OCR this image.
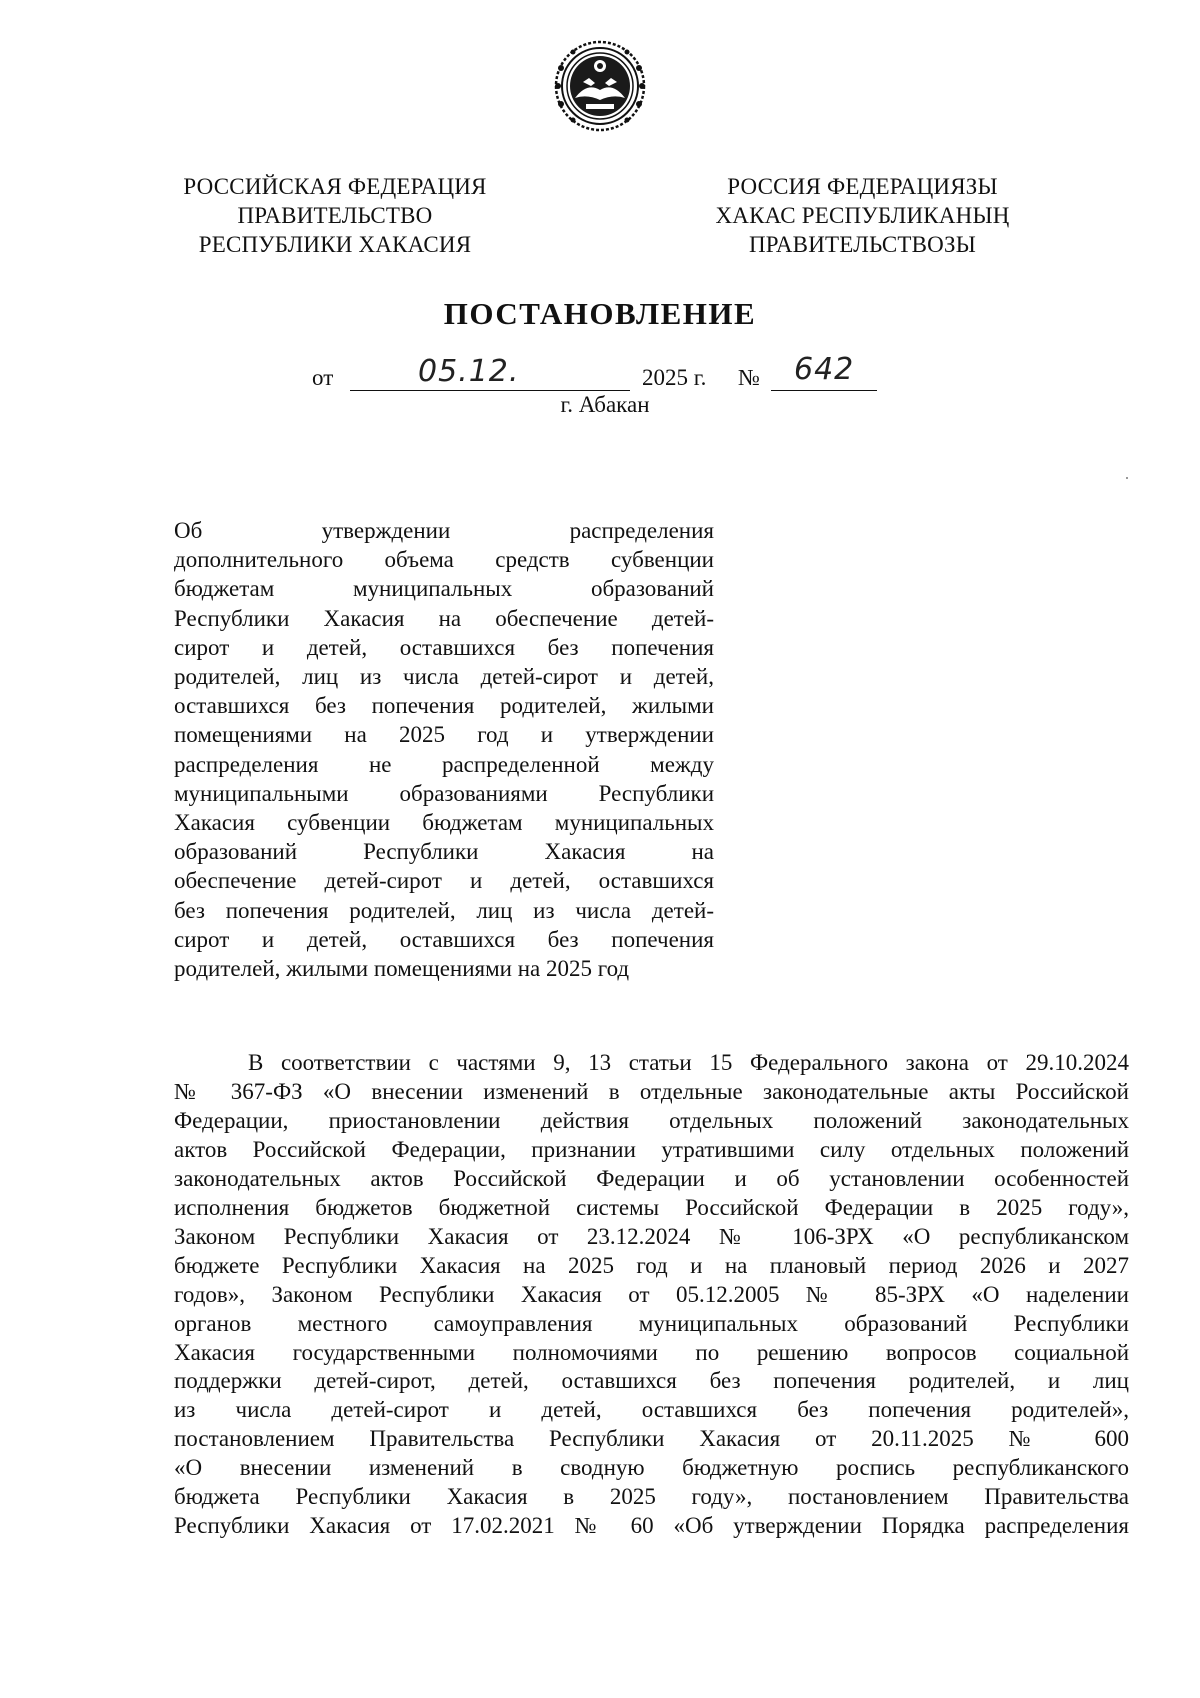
РОССИЙСКАЯ ФЕДЕРАЦИЯ
ПРАВИТЕЛЬСТВО
РЕСПУБЛИКИ ХАКАСИЯ
РОССИЯ ФЕДЕРАЦИЯЗЫ
ХАКАС РЕСПУБЛИКАНЫҢ
ПРАВИТЕЛЬСТВОЗЫ
ПОСТАНОВЛЕНИЕ
от	05.12.	2025 г. № 642
г. Абакан
Об утверждении распределения
дополнительного объема средств субвенции
бюджетам муниципальных образований
Республики Хакасия на обеспечение детей-
сирот и детей, оставшихся без попечения
родителей, лиц из числа детей-сирот и детей,
оставшихся без попечения родителей, жилыми
помещениями на 2025 год и утверждении
распределения не распределенной между
муниципальными образованиями Республики
Хакасия субвенции бюджетам муниципальных
образований Республики Хакасия на
обеспечение детей-сирот и детей, оставшихся
без попечения родителей, лиц из числа детей-
сирот и детей, оставшихся без попечения
родителей, жилыми помещениями на 2025 год
В соответствии с частями 9, 13 статьи 15 Федерального закона от 29.10.2024
№ 367-ФЗ «О внесении изменений в отдельные законодательные акты Российской
Федерации, приостановлении действия отдельных положений законодательных
актов Российской Федерации, признании утратившими силу отдельных положений
законодательных актов Российской Федерации и об установлении особенностей
исполнения бюджетов бюджетной системы Российской Федерации в 2025 году»,
Законом Республики Хакасия от 23.12.2024 № 106-ЗРХ «О республиканском
бюджете Республики Хакасия на 2025 год и на плановый период 2026 и 2027
годов», Законом Республики Хакасия от 05.12.2005 № 85-ЗРХ «О наделении
органов местного самоуправления муниципальных образований Республики
Хакасия государственными полномочиями по решению вопросов социальной
поддержки детей-сирот, детей, оставшихся без попечения родителей, и лиц
из числа детей-сирот и детей, оставшихся без попечения родителей»,
постановлением Правительства Республики Хакасия от 20.11.2025 № 600
«О внесении изменений в сводную бюджетную роспись республиканского
бюджета Республики Хакасия в 2025 году», постановлением Правительства
Республики Хакасия от 17.02.2021 № 60 «Об утверждении Порядка распределения
